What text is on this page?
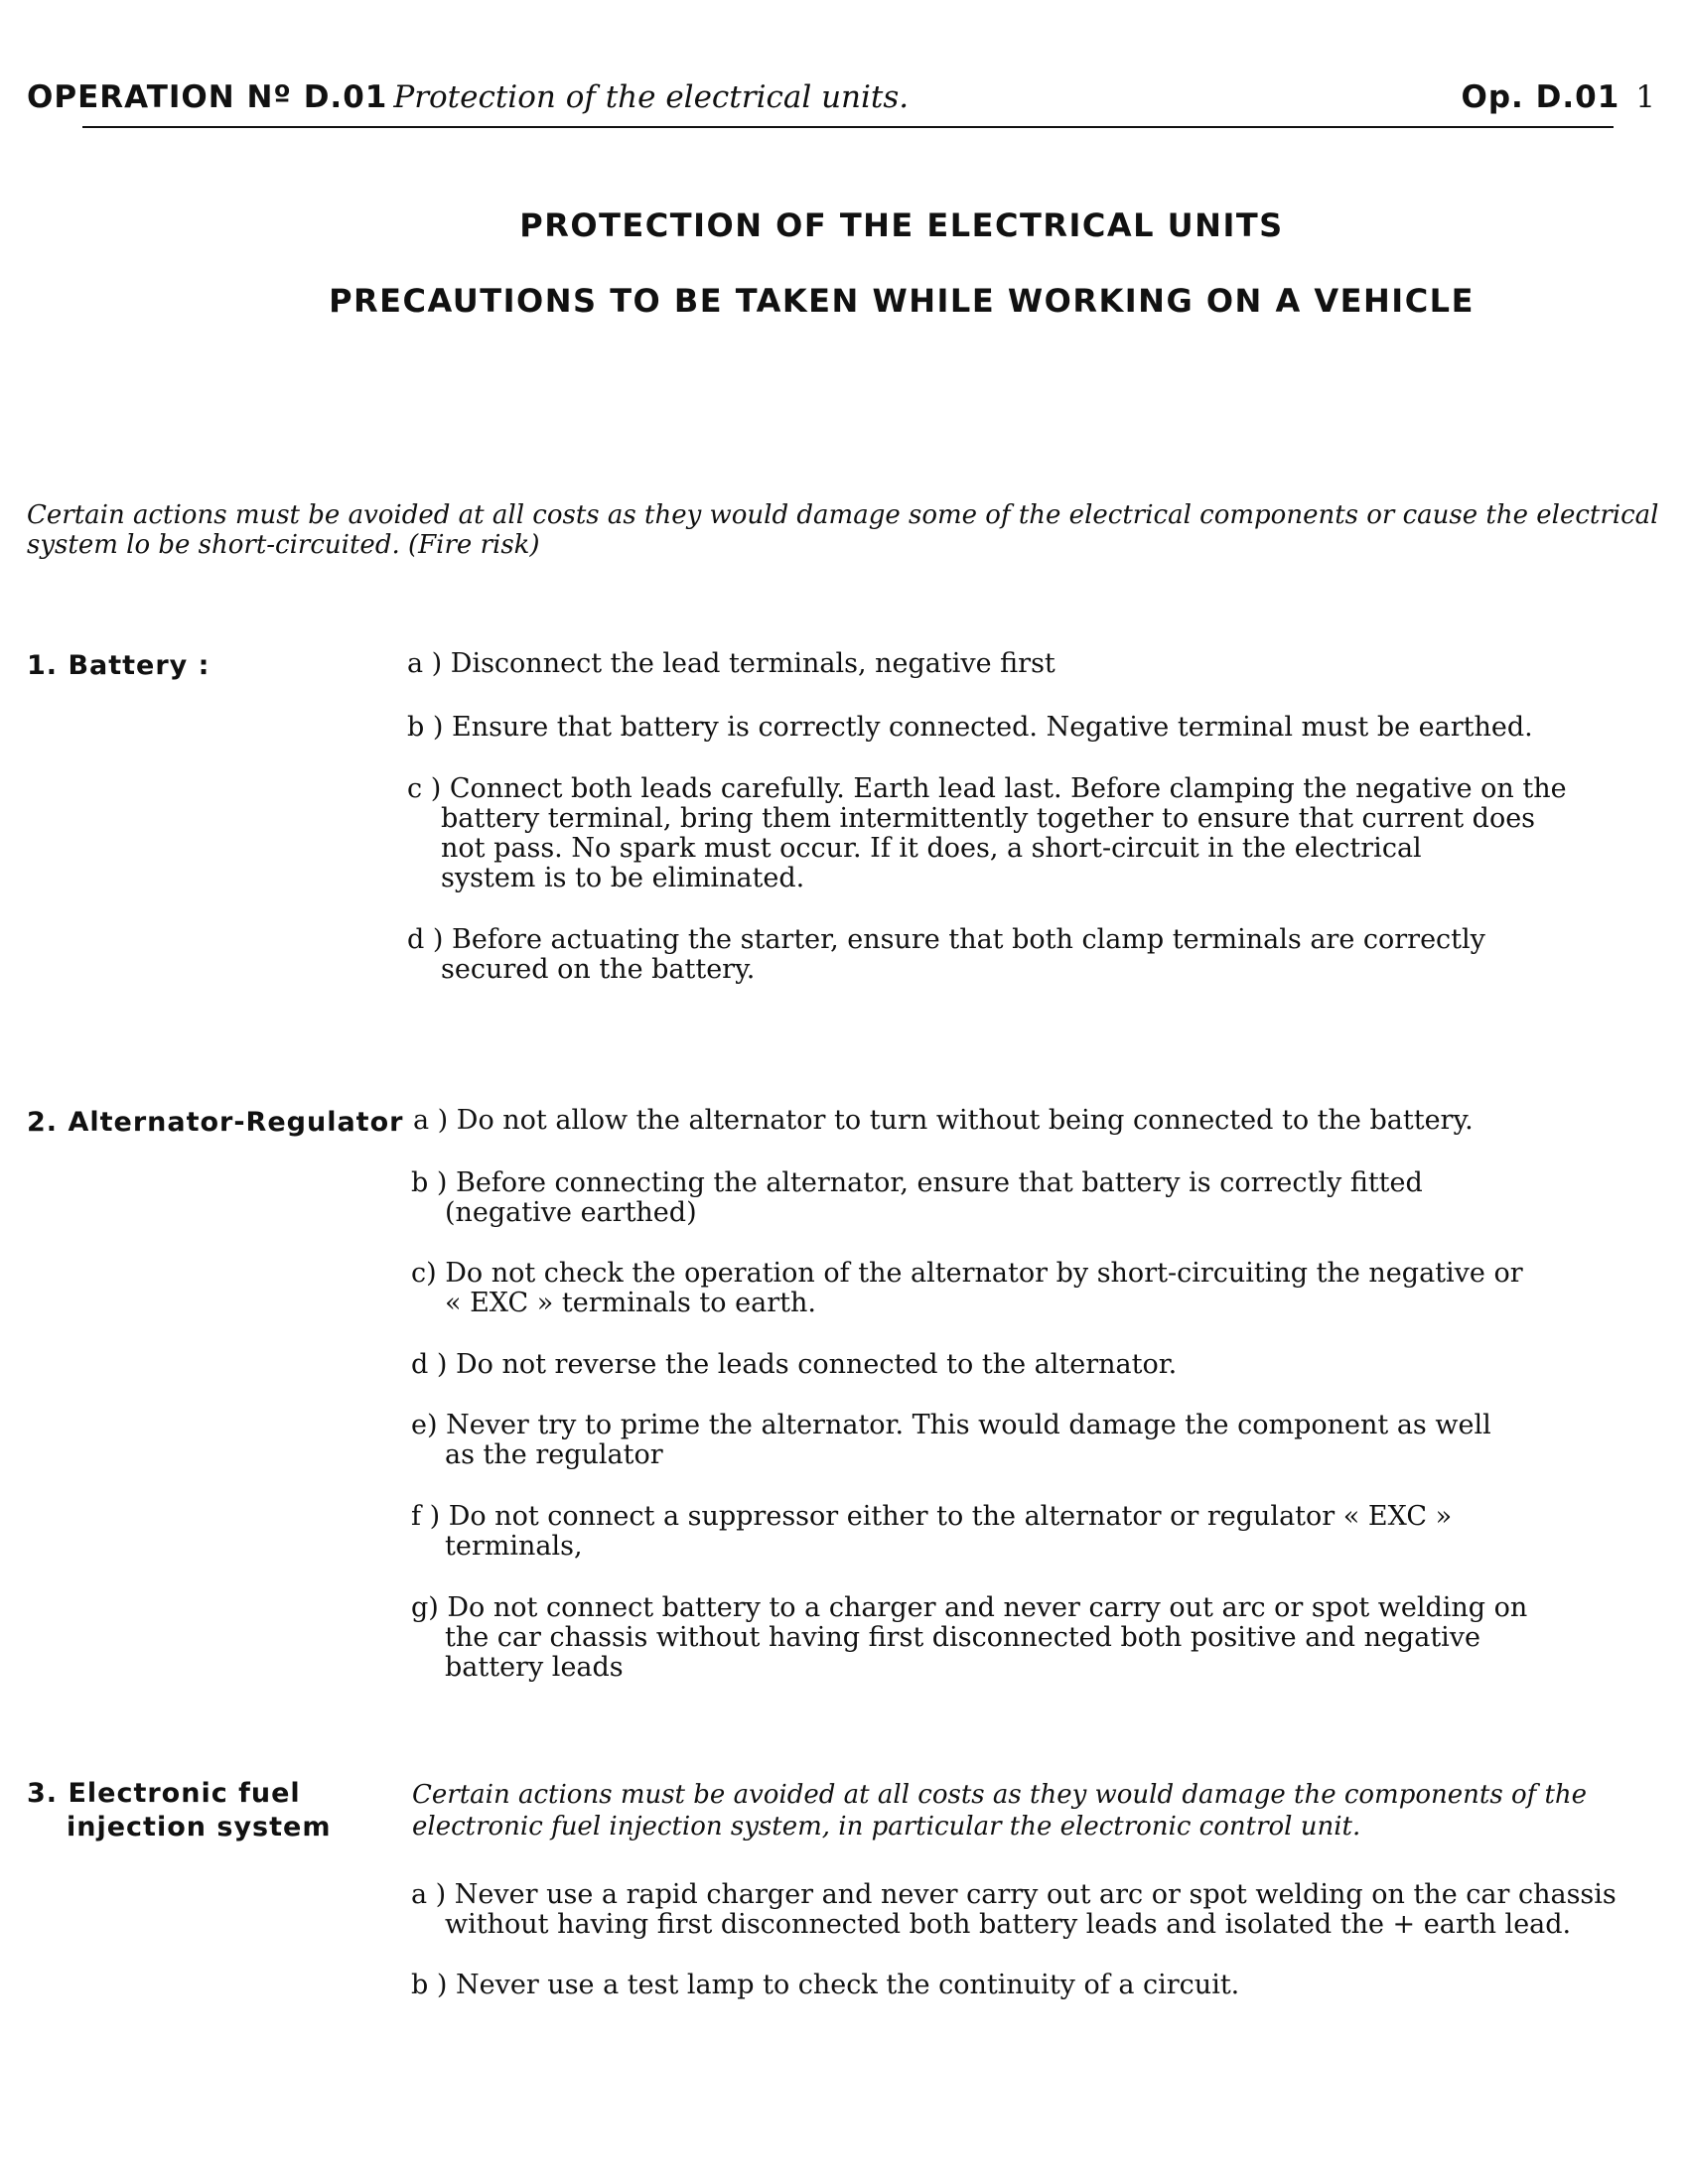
OPERATION Nº D.01 Protection of the electrical units.	Op. D.01 1
PROTECTION OF THE ELECTRICAL UNITS
PRECAUTIONS TO BE TAKEN WHILE WORKING ON A VEHICLE
Certain actions must be avoided at all costs as they would damage some of the electrical components or cause the electrical
system lo be short-circuited. (Fire risk)
1. Battery :	a ) Disconnect the lead terminals, negative first
b ) Ensure that battery is correctly connected. Negative terminal must be earthed.
c ) Connect both leads carefully. Earth lead last. Before clamping the negative on the
battery terminal, bring them intermittently together to ensure that current does
not pass. No spark must occur. If it does, a short-circuit in the electrical
system is to be eliminated.
d ) Before actuating the starter, ensure that both clamp terminals are correctly
secured on the battery.
2. Alternator-Regulator a ) Do not allow the alternator to turn without being connected to the battery.
b ) Before connecting the alternator, ensure that battery is correctly fitted
(negative earthed)
c) Do not check the operation of the alternator by short-circuiting the negative or
« EXC » terminals to earth.
d ) Do not reverse the leads connected to the alternator.
e) Never try to prime the alternator. This would damage the component as well
as the regulator
f ) Do not connect a suppressor either to the alternator or regulator « EXC »
terminals,
g) Do not connect battery to a charger and never carry out arc or spot welding on
the car chassis without having first disconnected both positive and negative
battery leads
3. Electronic fuel
injection system
Certain actions must be avoided at all costs as they would damage the components of the
electronic fuel injection system, in particular the electronic control unit.
a ) Never use a rapid charger and never carry out arc or spot welding on the car chassis
without having first disconnected both battery leads and isolated the + earth lead.
b ) Never use a test lamp to check the continuity of a circuit.
